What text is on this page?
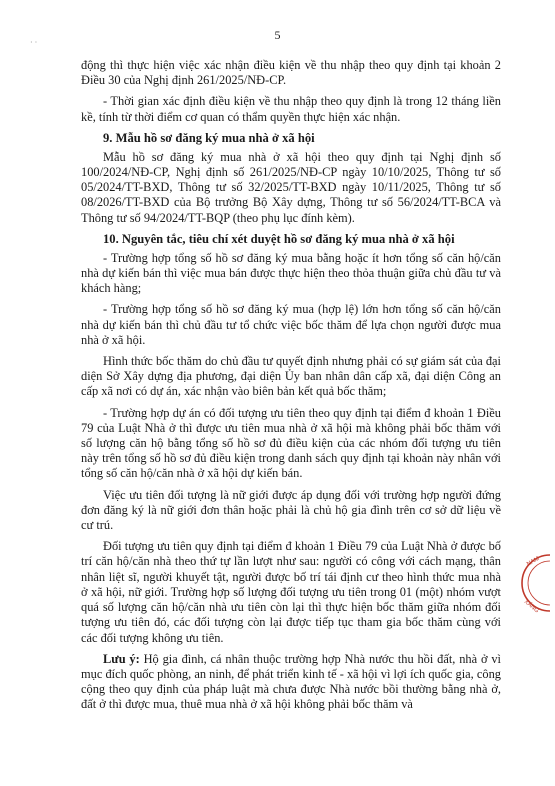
· ·
5

động thì thực hiện việc xác nhận điều kiện về thu nhập theo quy định tại khoản 2 Điều 30 của Nghị định 261/2025/NĐ-CP.

- Thời gian xác định điều kiện về thu nhập theo quy định là trong 12 tháng liền kề, tính từ thời điểm cơ quan có thẩm quyền thực hiện xác nhận.

9. Mẫu hồ sơ đăng ký mua nhà ở xã hội

Mẫu hồ sơ đăng ký mua nhà ở xã hội theo quy định tại Nghị định số 100/2024/NĐ-CP, Nghị định số 261/2025/NĐ-CP ngày 10/10/2025, Thông tư số 05/2024/TT-BXD, Thông tư số 32/2025/TT-BXD ngày 10/11/2025, Thông tư số 08/2026/TT-BXD của Bộ trưởng Bộ Xây dựng, Thông tư số 56/2024/TT-BCA và Thông tư số 94/2024/TT-BQP (theo phụ lục đính kèm).

10. Nguyên tắc, tiêu chí xét duyệt hồ sơ đăng ký mua nhà ở xã hội

- Trường hợp tổng số hồ sơ đăng ký mua bằng hoặc ít hơn tổng số căn hộ/căn nhà dự kiến bán thì việc mua bán được thực hiện theo thỏa thuận giữa chủ đầu tư và khách hàng;

- Trường hợp tổng số hồ sơ đăng ký mua (hợp lệ) lớn hơn tổng số căn hộ/căn nhà dự kiến bán thì chủ đầu tư tổ chức việc bốc thăm để lựa chọn người được mua nhà ở xã hội.

Hình thức bốc thăm do chủ đầu tư quyết định nhưng phải có sự giám sát của đại diện Sở Xây dựng địa phương, đại diện Ủy ban nhân dân cấp xã, đại diện Công an cấp xã nơi có dự án, xác nhận vào biên bản kết quả bốc thăm;

- Trường hợp dự án có đối tượng ưu tiên theo quy định tại điểm đ khoản 1 Điều 79 của Luật Nhà ở thì được ưu tiên mua nhà ở xã hội mà không phải bốc thăm với số lượng căn hộ bằng tổng số hồ sơ đủ điều kiện của các nhóm đối tượng ưu tiên này trên tổng số hồ sơ đủ điều kiện trong danh sách quy định tại khoản này nhân với tổng số căn hộ/căn nhà ở xã hội dự kiến bán.

Việc ưu tiên đối tượng là nữ giới được áp dụng đối với trường hợp người đứng đơn đăng ký là nữ giới đơn thân hoặc phải là chủ hộ gia đình trên cơ sở dữ liệu về cư trú.

Đối tượng ưu tiên quy định tại điểm đ khoản 1 Điều 79 của Luật Nhà ở được bố trí căn hộ/căn nhà theo thứ tự lần lượt như sau: người có công với cách mạng, thân nhân liệt sĩ, người khuyết tật, người được bố trí tái định cư theo hình thức mua nhà ở xã hội, nữ giới. Trường hợp số lượng đối tượng ưu tiên trong 01 (một) nhóm vượt quá số lượng căn hộ/căn nhà ưu tiên còn lại thì thực hiện bốc thăm giữa nhóm đối tượng ưu tiên đó, các đối tượng còn lại được tiếp tục tham gia bốc thăm cùng với các đối tượng không ưu tiên.

Lưu ý: Hộ gia đình, cá nhân thuộc trường hợp Nhà nước thu hồi đất, nhà ở vì mục đích quốc phòng, an ninh, để phát triển kinh tế - xã hội vì lợi ích quốc gia, công cộng theo quy định của pháp luật mà chưa được Nhà nước bồi thường bằng nhà ở, đất ở thì được mua, thuê mua nhà ở xã hội không phải bốc thăm và

NAM
XÁNG
